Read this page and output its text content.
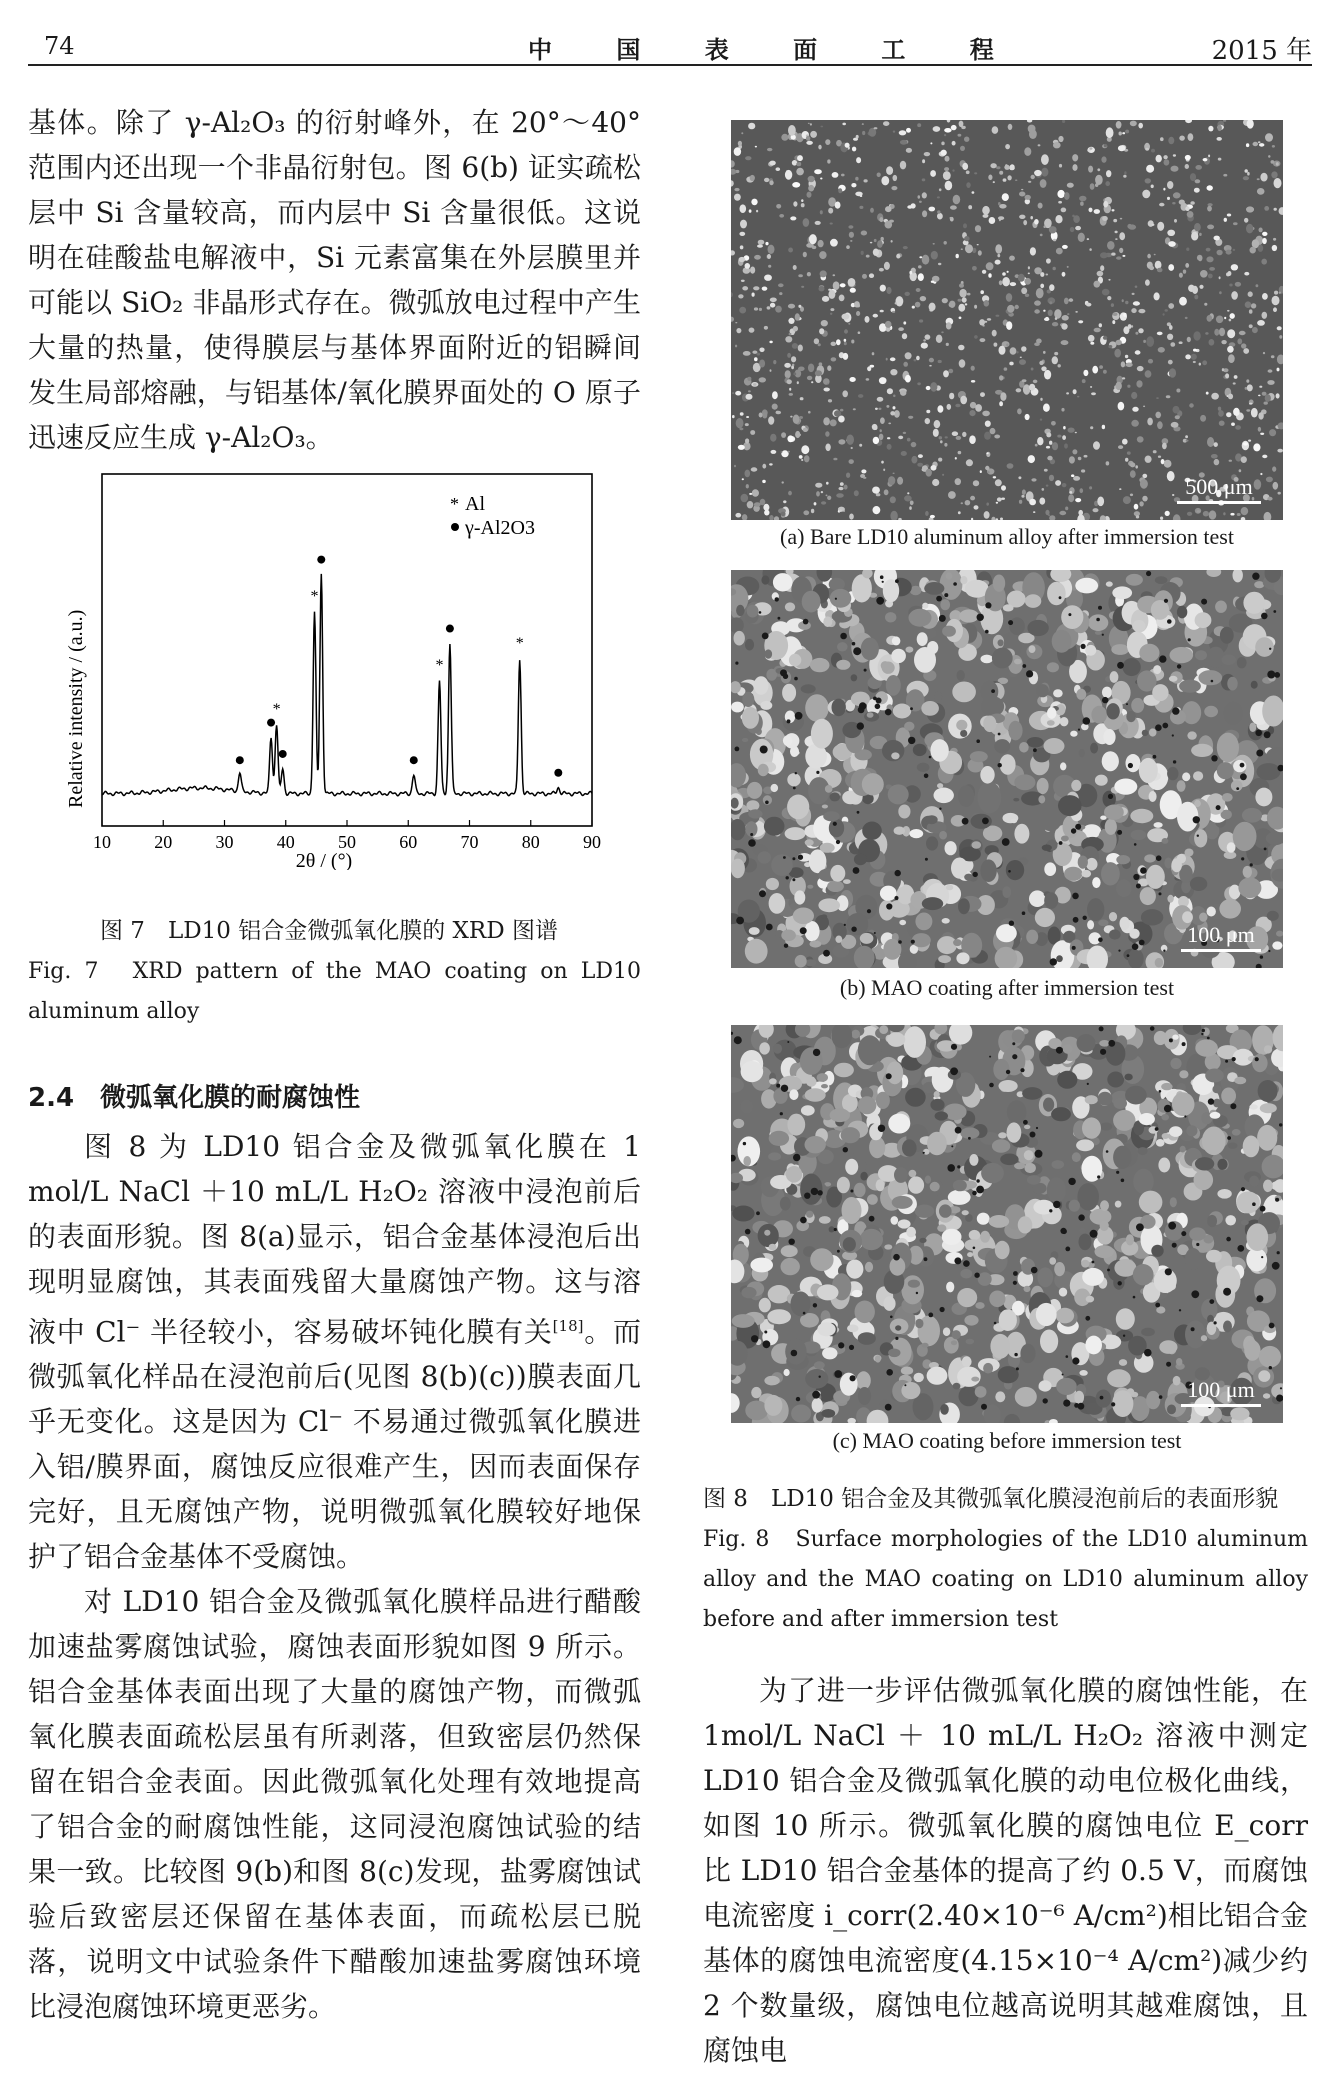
74	中 国 表 面 工 程	2015 年

基体。除了 γ-Al₂O₃ 的衍射峰外，在 20°～40°范围内还出现一个非晶衍射包。图 6(b) 证实疏松层中 Si 含量较高，而内层中 Si 含量很低。这说明在硅酸盐电解液中，Si 元素富集在外层膜里并可能以 SiO₂ 非晶形式存在。微弧放电过程中产生大量的热量，使得膜层与基体界面附近的铝瞬间发生局部熔融，与铝基体/氧化膜界面处的 O 原子迅速反应生成 γ-Al₂O₃。

*
*
*
*
10 20 30 40 50 60 70 80 90
* Al
γ-Al2O3
Relative intensity / (a.u.)
2θ / (°)
图 7　LD10 铝合金微弧氧化膜的 XRD 图谱
Fig. 7　XRD pattern of the MAO coating on LD10 aluminum alloy

2.4　微弧氧化膜的耐腐蚀性

图 8 为 LD10 铝合金及微弧氧化膜在 1 mol/L NaCl ＋10 mL/L H₂O₂ 溶液中浸泡前后的表面形貌。图 8(a)显示，铝合金基体浸泡后出现明显腐蚀，其表面残留大量腐蚀产物。这与溶液中 Cl⁻ 半径较小，容易破坏钝化膜有关[18]。而微弧氧化样品在浸泡前后(见图 8(b)(c))膜表面几乎无变化。这是因为 Cl⁻ 不易通过微弧氧化膜进入铝/膜界面，腐蚀反应很难产生，因而表面保存完好，且无腐蚀产物，说明微弧氧化膜较好地保护了铝合金基体不受腐蚀。

对 LD10 铝合金及微弧氧化膜样品进行醋酸加速盐雾腐蚀试验，腐蚀表面形貌如图 9 所示。铝合金基体表面出现了大量的腐蚀产物，而微弧氧化膜表面疏松层虽有所剥落，但致密层仍然保留在铝合金表面。因此微弧氧化处理有效地提高了铝合金的耐腐蚀性能，这同浸泡腐蚀试验的结果一致。比较图 9(b)和图 8(c)发现，盐雾腐蚀试验后致密层还保留在基体表面，而疏松层已脱落，说明文中试验条件下醋酸加速盐雾腐蚀环境比浸泡腐蚀环境更恶劣。

500 μm
(a) Bare LD10 aluminum alloy after immersion test
100 μm
(b) MAO coating after immersion test
100 μm
(c) MAO coating before immersion test
图 8　LD10 铝合金及其微弧氧化膜浸泡前后的表面形貌
Fig. 8　Surface morphologies of the LD10 aluminum alloy and the MAO coating on LD10 aluminum alloy before and after immersion test

为了进一步评估微弧氧化膜的腐蚀性能，在 1mol/L NaCl ＋ 10 mL/L H₂O₂ 溶液中测定 LD10 铝合金及微弧氧化膜的动电位极化曲线，如图 10 所示。微弧氧化膜的腐蚀电位 E_corr 比 LD10 铝合金基体的提高了约 0.5 V，而腐蚀电流密度 i_corr(2.40×10⁻⁶ A/cm²)相比铝合金基体的腐蚀电流密度(4.15×10⁻⁴ A/cm²)减少约 2 个数量级，腐蚀电位越高说明其越难腐蚀，且腐蚀电
